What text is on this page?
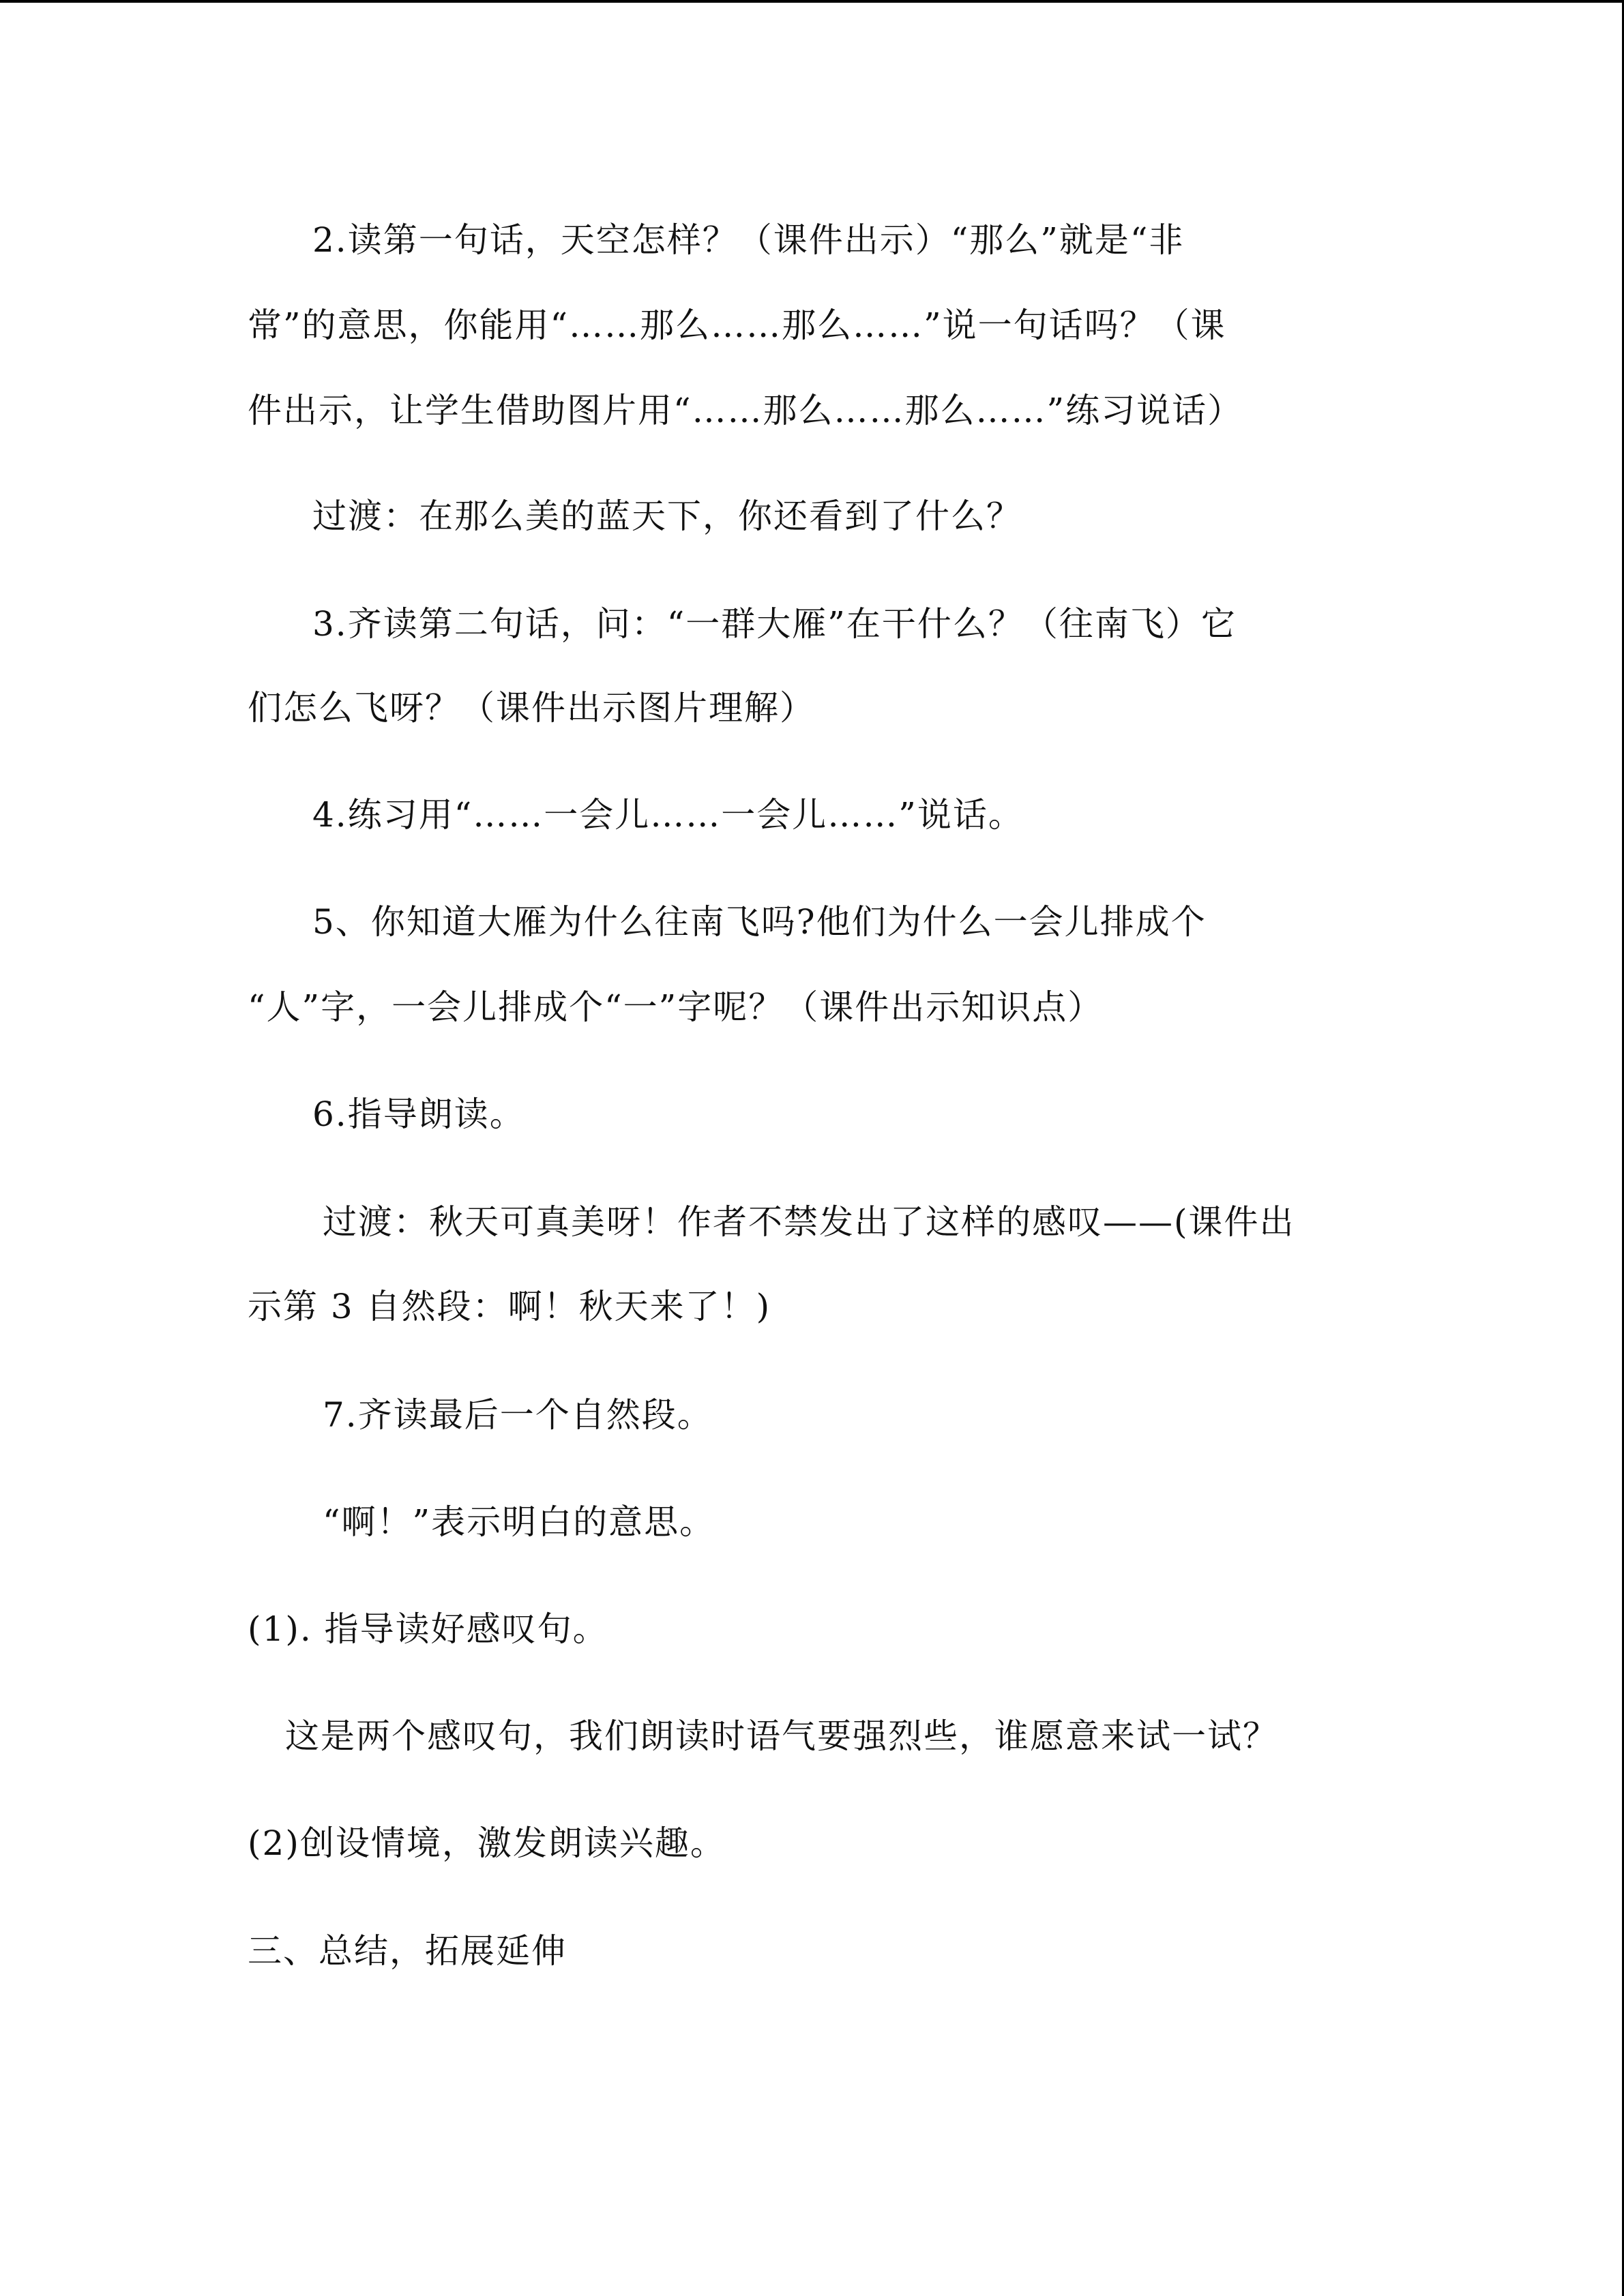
2.读第一句话，天空怎样？（课件出示）“那么”就是“非
常”的意思，你能用“……那么……那么……”说一句话吗？（课
件出示，让学生借助图片用“……那么……那么……”练习说话）
过渡：在那么美的蓝天下，你还看到了什么？
3.齐读第二句话，问：“一群大雁”在干什么？（往南飞）它
们怎么飞呀？（课件出示图片理解）
4.练习用“……一会儿……一会儿……”说话。
5、你知道大雁为什么往南飞吗?他们为什么一会儿排成个
“人”字，一会儿排成个“一”字呢？（课件出示知识点）
6.指导朗读。
过渡：秋天可真美呀！作者不禁发出了这样的感叹——(课件出
示第 3 自然段：啊！秋天来了！)
7.齐读最后一个自然段。
“啊！”表示明白的意思。
(1). 指导读好感叹句。
这是两个感叹句，我们朗读时语气要强烈些，谁愿意来试一试？
(2)创设情境，激发朗读兴趣。
三、总结，拓展延伸
